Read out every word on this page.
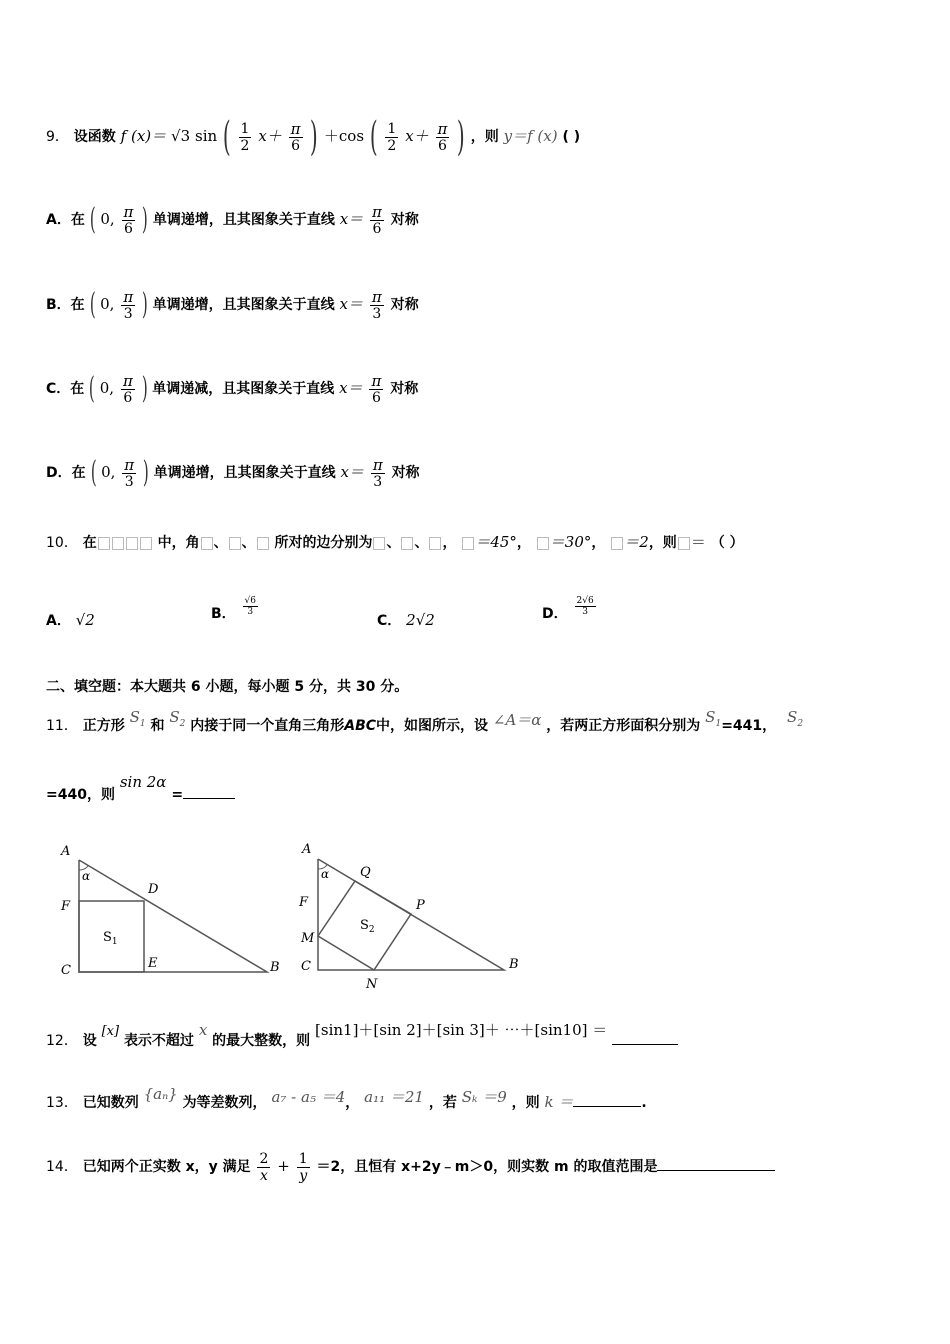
9． 设函数 f (x)＝ √3 sin ( $\frac{1}{2} x+ \frac{\pi}{6}$ ) ＋cos ( $\frac{1}{2} x+ \frac{\pi}{6}$ ) ，则 y＝f (x) ( )
A．在 ( 0, $\frac{\pi}{6}$ ) 单调递增，且其图象关于直线 $x= \frac{\pi}{6}$ 对称
B．在 ( 0, $\frac{\pi}{3}$ ) 单调递增，且其图象关于直线 $x= \frac{\pi}{3}$ 对称
C．在 ( 0, $\frac{\pi}{6}$ ) 单调递减，且其图象关于直线 $x= \frac{\pi}{6}$ 对称
D．在 ( 0, $\frac{\pi}{3}$ ) 单调递增，且其图象关于直线 $x= \frac{\pi}{3}$ 对称
10． 在	中，角 、 、 所对的边分别为 、 、 ， ＝45°， ＝30°， ＝2，则 ＝ （ ）
A． √2	B． $\frac{√6}{3}$
C． 2√2	D． $\frac{2√6}{3}$
二、填空题：本大题共 6 小题，每小题 5 分，共 30 分。
11． 正方形 $S_1$ 和 $S_2$ 内接于同一个直角三角形ABC中，如图所示，设 ∠A＝α ，若两正方形面积分别为 $S_1=441$， $S_2$
=440，则 sin 2α =
A
α
D
F
$S_1$
C	E	B
A
α Q
P
F
$S_2$
M
C
N
B
12． 设 [x] 表示不超过 x 的最大整数，则 [sin1]＋[sin 2]＋[sin 3]＋ ⋯＋[sin10] ＝
13． 已知数列 {aₙ} 为等差数列， a₇ - a₅ ＝4， a₁₁ ＝21 ，若 Sₖ ＝9 ，则 k ＝	.
14． 已知两个正实数 x，y 满足 $\frac{2}{x} + \frac{1}{y} =2$，且恒有 x+2y﹣m＞0，则实数 m 的取值范围是
